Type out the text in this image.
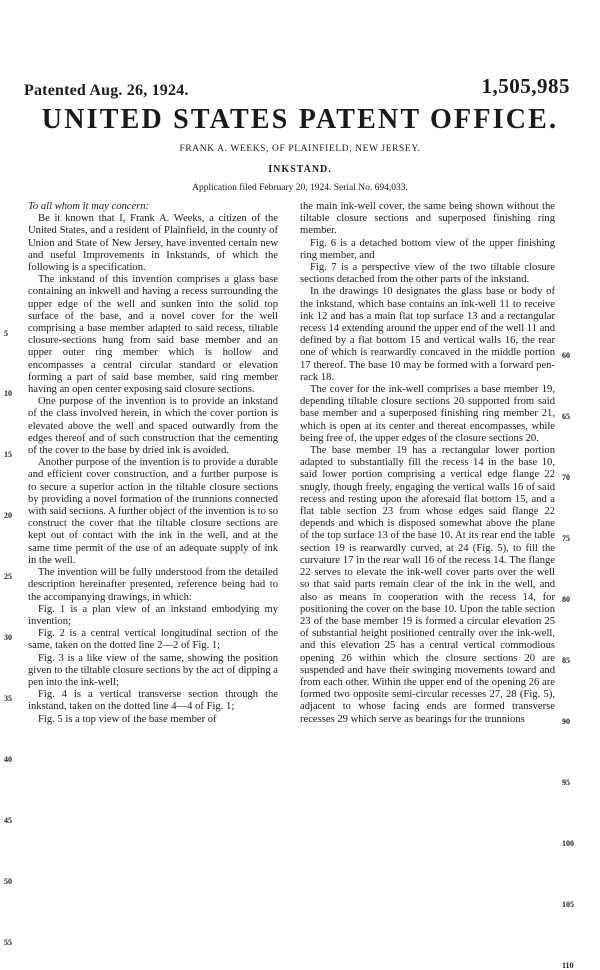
Patented Aug. 26, 1924.	1,505,985
UNITED STATES PATENT OFFICE.
FRANK A. WEEKS, OF PLAINFIELD, NEW JERSEY.
INKSTAND.
Application filed February 20, 1924. Serial No. 694,033.
5
10
15
20
25
30
35
40
45
50
55

To all whom it may concern:

Be it known that I, Frank A. Weeks, a citizen of the United States, and a resident of Plainfield, in the county of Union and State of New Jersey, have invented certain new and useful Improvements in Inkstands, of which the following is a specification.

The inkstand of this invention comprises a glass base containing an inkwell and having a recess surrounding the upper edge of the well and sunken into the solid top surface of the base, and a novel cover for the well comprising a base member adapted to said recess, tiltable closure-sections hung from said base member and an upper outer ring member which is hollow and encompasses a central circular standard or elevation forming a part of said base member, said ring member having an open center exposing said closure sections.

One purpose of the invention is to provide an inkstand of the class involved herein, in which the cover portion is elevated above the well and spaced outwardly from the edges thereof and of such construction that the cementing of the cover to the base by dried ink is avoided.

Another purpose of the invention is to provide a durable and efficient cover construction, and a further purpose is to secure a superior action in the tiltable closure sections by providing a novel formation of the trunnions connected with said sections. A further object of the invention is to so construct the cover that the tiltable closure sections are kept out of contact with the ink in the well, and at the same time permit of the use of an adequate supply of ink in the well.

The invention will be fully understood from the detailed description hereinafter presented, reference being had to the accompanying drawings, in which:

Fig. 1 is a plan view of an inkstand embodying my invention;

Fig. 2 is a central vertical longitudinal section of the same, taken on the dotted line 2—2 of Fig. 1;

Fig. 3 is a like view of the same, showing the position given to the tiltable closure sections by the act of dipping a pen into the ink-well;

Fig. 4 is a vertical transverse section through the inkstand, taken on the dotted line 4—4 of Fig. 1;

Fig. 5 is a top view of the base member of

the main ink-well cover, the same being shown without the tiltable closure sections and superposed finishing ring member.

Fig. 6 is a detached bottom view of the upper finishing ring member, and

Fig. 7 is a perspective view of the two tiltable closure sections detached from the other parts of the inkstand.

In the drawings 10 designates the glass base or body of the inkstand, which base contains an ink-well 11 to receive ink 12 and has a main flat top surface 13 and a rectangular recess 14 extending around the upper end of the well 11 and defined by a flat bottom 15 and vertical walls 16, the rear one of which is rearwardly concaved in the middle portion 17 thereof. The base 10 may be formed with a forward pen-rack 18.

The cover for the ink-well comprises a base member 19, depending tiltable closure sections 20 supported from said base member and a superposed finishing ring member 21, which is open at its center and thereat encompasses, while being free of, the upper edges of the closure sections 20.

The base member 19 has a rectangular lower portion adapted to substantially fill the recess 14 in the base 10, said lower portion comprising a vertical edge flange 22 snugly, though freely, engaging the vertical walls 16 of said recess and resting upon the aforesaid flat bottom 15, and a flat table section 23 from whose edges said flange 22 depends and which is disposed somewhat above the plane of the top surface 13 of the base 10. At its rear end the table section 19 is rearwardly curved, at 24 (Fig. 5), to fill the curvature 17 in the rear wall 16 of the recess 14. The flange 22 serves to elevate the ink-well cover parts over the well so that said parts remain clear of the ink in the well, and also as means in cooperation with the recess 14, for positioning the cover on the base 10. Upon the table section 23 of the base member 19 is formed a circular elevation 25 of substantial height positioned centrally over the ink-well, and this elevation 25 has a central vertical commodious opening 26 within which the closure sections 20 are suspended and have their swinging movements toward and from each other. Within the upper end of the opening 26 are formed two opposite semi-circular recesses 27, 28 (Fig. 5), adjacent to whose facing ends are formed transverse recesses 29 which serve as bearings for the trunnions

60
65
70
75
80
85
90
95
100
105
110
